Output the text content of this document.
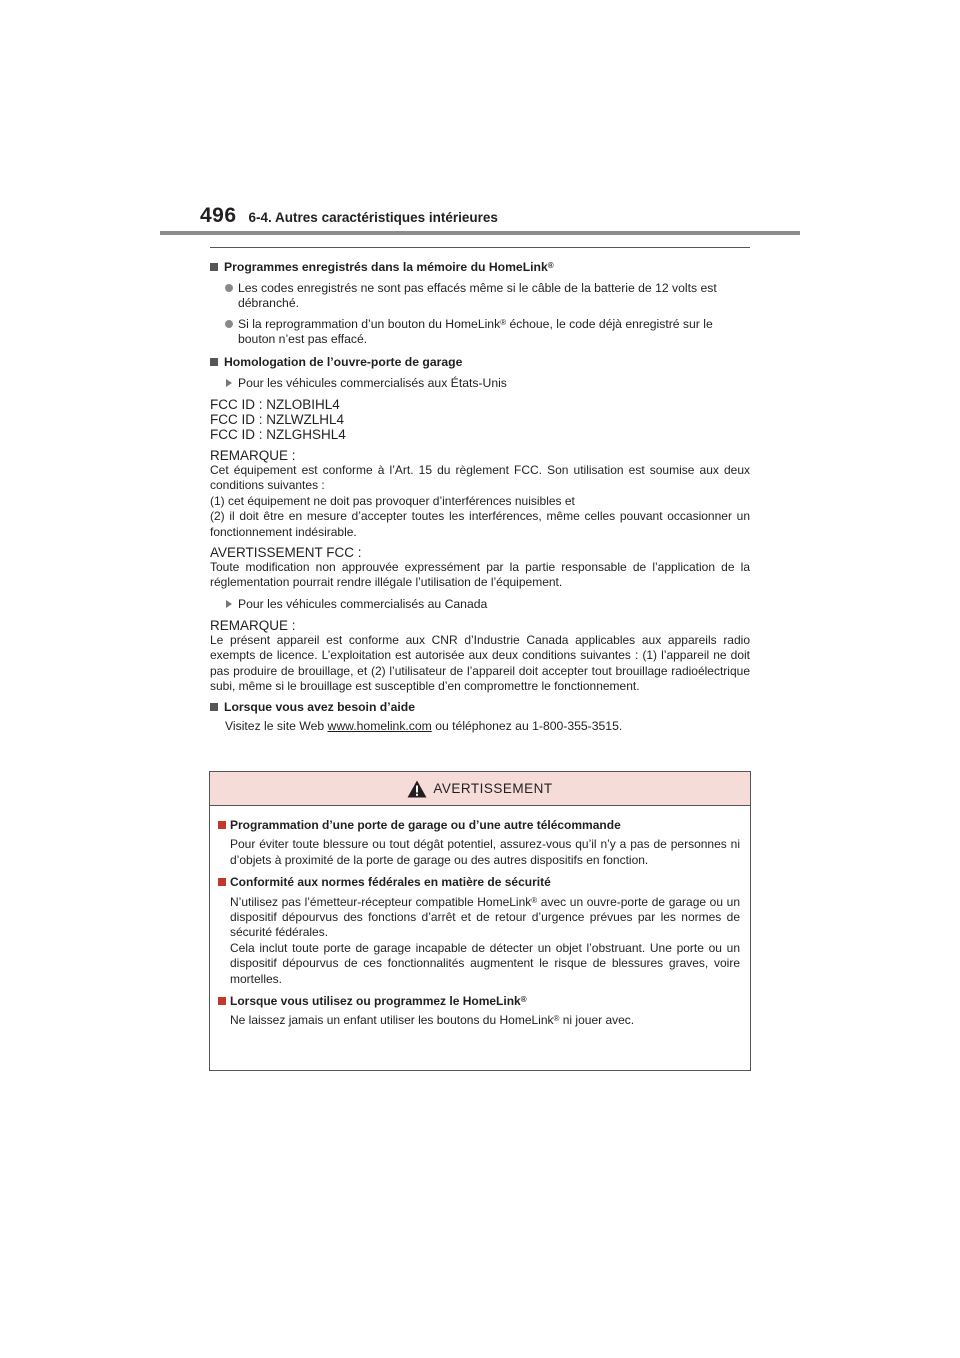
496 6-4. Autres caractéristiques intérieures
Programmes enregistrés dans la mémoire du HomeLink®
Les codes enregistrés ne sont pas effacés même si le câble de la batterie de 12 volts est débranché.
Si la reprogrammation d’un bouton du HomeLink® échoue, le code déjà enregistré sur le bouton n’est pas effacé.
Homologation de l’ouvre-porte de garage
Pour les véhicules commercialisés aux États-Unis
FCC ID : NZLOBIHL4
FCC ID : NZLWZLHL4
FCC ID : NZLGHSHL4
REMARQUE :
Cet équipement est conforme à l’Art. 15 du règlement FCC. Son utilisation est soumise aux deux conditions suivantes :
(1) cet équipement ne doit pas provoquer d’interférences nuisibles et
(2) il doit être en mesure d’accepter toutes les interférences, même celles pouvant occasionner un fonctionnement indésirable.
AVERTISSEMENT FCC :
Toute modification non approuvée expressément par la partie responsable de l’application de la réglementation pourrait rendre illégale l’utilisation de l’équipement.
Pour les véhicules commercialisés au Canada
REMARQUE :
Le présent appareil est conforme aux CNR d’Industrie Canada applicables aux appareils radio exempts de licence. L’exploitation est autorisée aux deux conditions suivantes : (1) l’appareil ne doit pas produire de brouillage, et (2) l’utilisateur de l’appareil doit accepter tout brouillage radioélectrique subi, même si le brouillage est susceptible d’en compromettre le fonctionnement.
Lorsque vous avez besoin d’aide
Visitez le site Web www.homelink.com ou téléphonez au 1-800-355-3515.
AVERTISSEMENT
Programmation d’une porte de garage ou d’une autre télécommande
Pour éviter toute blessure ou tout dégât potentiel, assurez-vous qu’il n’y a pas de personnes ni d’objets à proximité de la porte de garage ou des autres dispositifs en fonction.
Conformité aux normes fédérales en matière de sécurité
N’utilisez pas l’émetteur-récepteur compatible HomeLink® avec un ouvre-porte de garage ou un dispositif dépourvus des fonctions d’arrêt et de retour d’urgence prévues par les normes de sécurité fédérales.
Cela inclut toute porte de garage incapable de détecter un objet l’obstruant. Une porte ou un dispositif dépourvus de ces fonctionnalités augmentent le risque de blessures graves, voire mortelles.
Lorsque vous utilisez ou programmez le HomeLink®
Ne laissez jamais un enfant utiliser les boutons du HomeLink® ni jouer avec.
